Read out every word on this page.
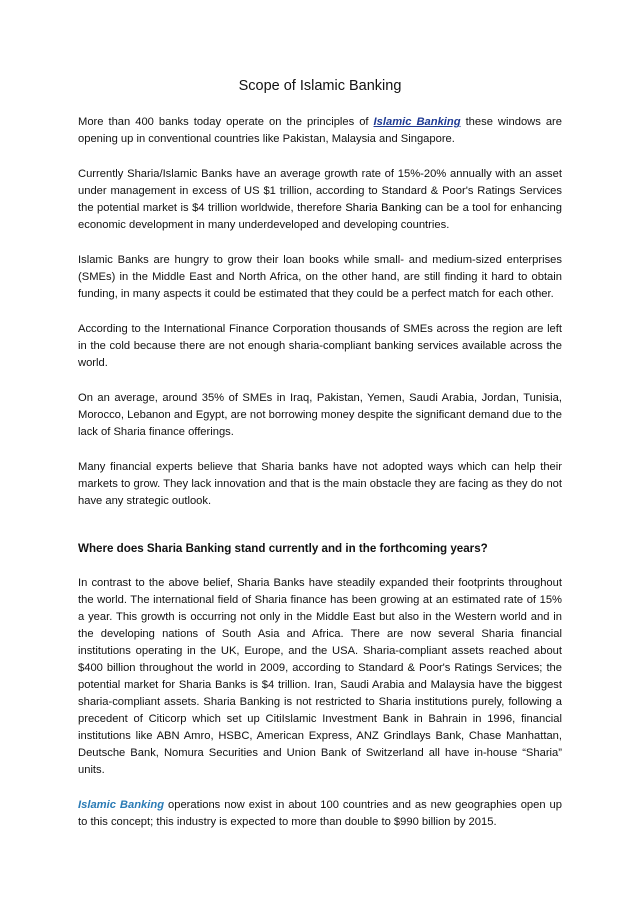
Scope of Islamic Banking

More than 400 banks today operate on the principles of Islamic Banking these windows are opening up in conventional countries like Pakistan, Malaysia and Singapore.

Currently Sharia/Islamic Banks have an average growth rate of 15%-20% annually with an asset under management in excess of US $1 trillion, according to Standard & Poor's Ratings Services the potential market is $4 trillion worldwide, therefore Sharia Banking can be a tool for enhancing economic development in many underdeveloped and developing countries.

Islamic Banks are hungry to grow their loan books while small- and medium-sized enterprises (SMEs) in the Middle East and North Africa, on the other hand, are still finding it hard to obtain funding, in many aspects it could be estimated that they could be a perfect match for each other.

According to the International Finance Corporation thousands of SMEs across the region are left in the cold because there are not enough sharia-compliant banking services available across the world.

On an average, around 35% of SMEs in Iraq, Pakistan, Yemen, Saudi Arabia, Jordan, Tunisia, Morocco, Lebanon and Egypt, are not borrowing money despite the significant demand due to the lack of Sharia finance offerings.

Many financial experts believe that Sharia banks have not adopted ways which can help their markets to grow. They lack innovation and that is the main obstacle they are facing as they do not have any strategic outlook.

Where does Sharia Banking stand currently and in the forthcoming years?

In contrast to the above belief, Sharia Banks have steadily expanded their footprints throughout the world. The international field of Sharia finance has been growing at an estimated rate of 15% a year. This growth is occurring not only in the Middle East but also in the Western world and in the developing nations of South Asia and Africa. There are now several Sharia financial institutions operating in the UK, Europe, and the USA. Sharia-compliant assets reached about $400 billion throughout the world in 2009, according to Standard & Poor's Ratings Services; the potential market for Sharia Banks is $4 trillion. Iran, Saudi Arabia and Malaysia have the biggest sharia-compliant assets. Sharia Banking is not restricted to Sharia institutions purely, following a precedent of Citicorp which set up CitiIslamic Investment Bank in Bahrain in 1996, financial institutions like ABN Amro, HSBC, American Express, ANZ Grindlays Bank, Chase Manhattan, Deutsche Bank, Nomura Securities and Union Bank of Switzerland all have in-house “Sharia” units.

Islamic Banking operations now exist in about 100 countries and as new geographies open up to this concept; this industry is expected to more than double to $990 billion by 2015.
